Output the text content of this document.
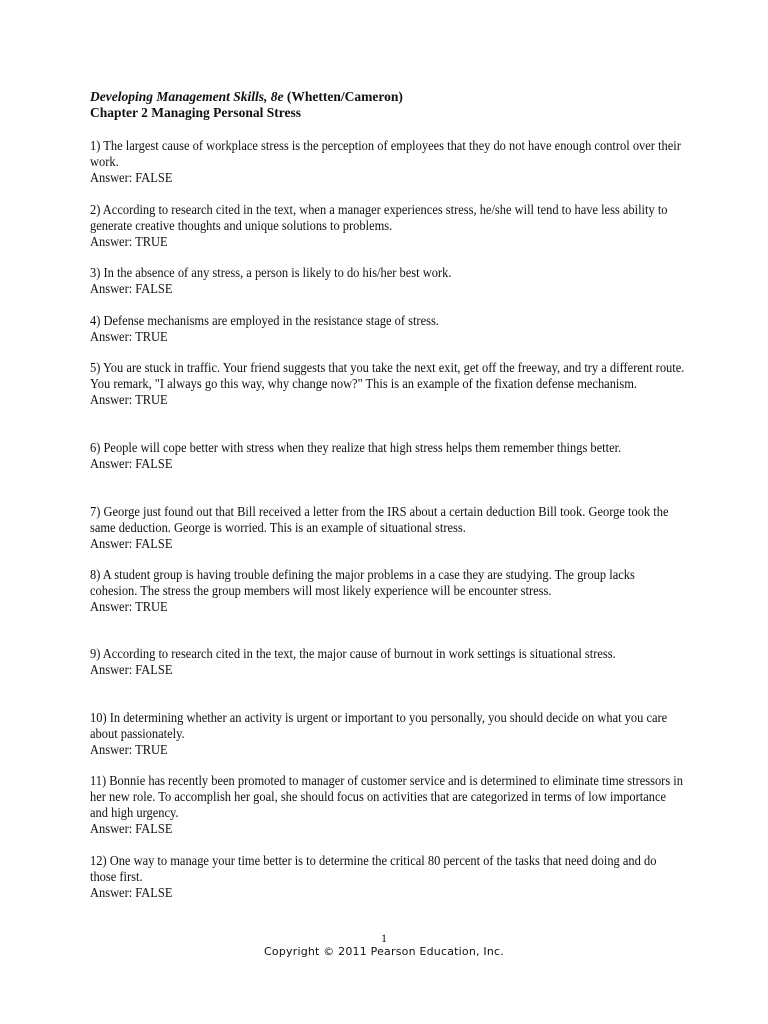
Developing Management Skills, 8e (Whetten/Cameron)
Chapter 2 Managing Personal Stress
1) The largest cause of workplace stress is the perception of employees that they do not have enough control over their work.
Answer: FALSE
2) According to research cited in the text, when a manager experiences stress, he/she will tend to have less ability to generate creative thoughts and unique solutions to problems.
Answer: TRUE
3) In the absence of any stress, a person is likely to do his/her best work.
Answer: FALSE
4) Defense mechanisms are employed in the resistance stage of stress.
Answer: TRUE
5) You are stuck in traffic. Your friend suggests that you take the next exit, get off the freeway, and try a different route. You remark, "I always go this way, why change now?" This is an example of the fixation defense mechanism.
Answer: TRUE
6) People will cope better with stress when they realize that high stress helps them remember things better.
Answer: FALSE
7) George just found out that Bill received a letter from the IRS about a certain deduction Bill took. George took the same deduction. George is worried. This is an example of situational stress.
Answer: FALSE
8) A student group is having trouble defining the major problems in a case they are studying. The group lacks cohesion. The stress the group members will most likely experience will be encounter stress.
Answer: TRUE
9) According to research cited in the text, the major cause of burnout in work settings is situational stress.
Answer: FALSE
10) In determining whether an activity is urgent or important to you personally, you should decide on what you care about passionately.
Answer: TRUE
11) Bonnie has recently been promoted to manager of customer service and is determined to eliminate time stressors in her new role. To accomplish her goal, she should focus on activities that are categorized in terms of low importance and high urgency.
Answer: FALSE
12) One way to manage your time better is to determine the critical 80 percent of the tasks that need doing and do those first.
Answer: FALSE
1
Copyright © 2011 Pearson Education, Inc.
